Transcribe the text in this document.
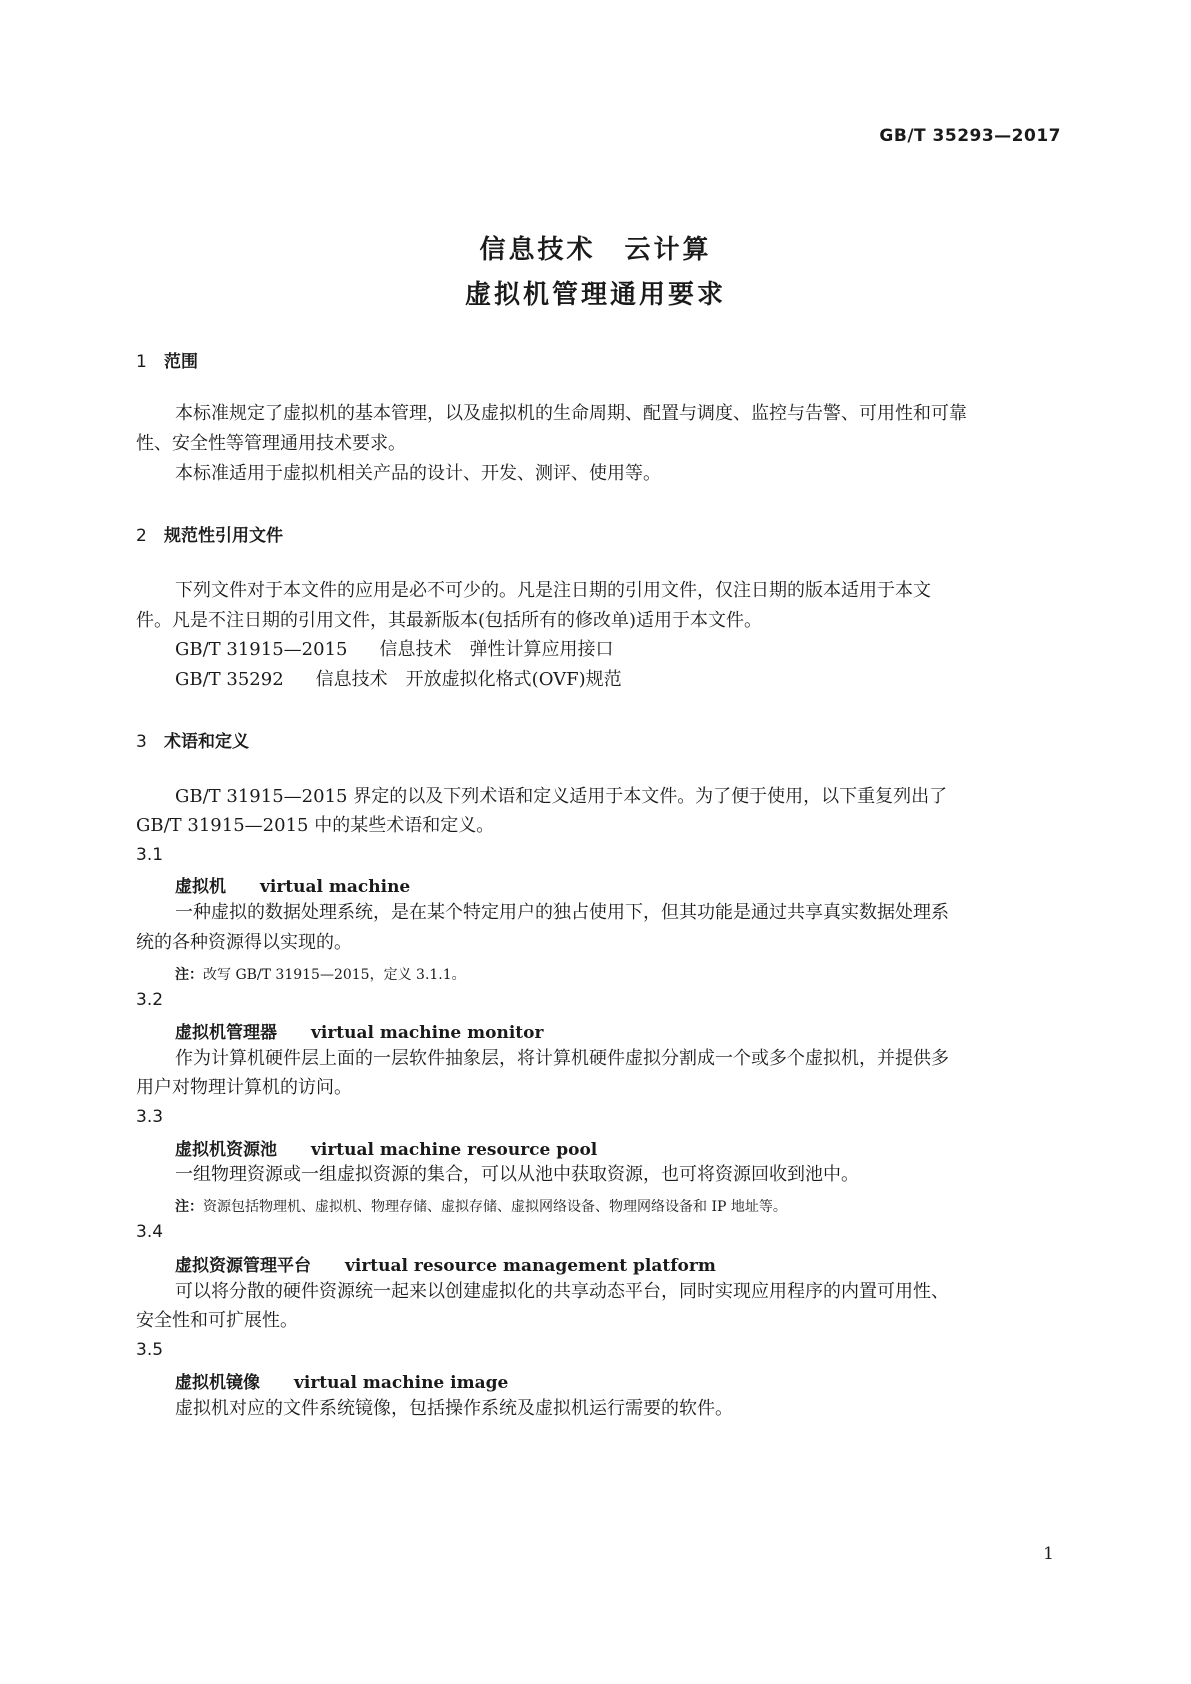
GB/T 35293—2017
信息技术　云计算
虚拟机管理通用要求
1 范围
本标准规定了虚拟机的基本管理，以及虚拟机的生命周期、配置与调度、监控与告警、可用性和可靠
性、安全性等管理通用技术要求。
本标准适用于虚拟机相关产品的设计、开发、测评、使用等。
2 规范性引用文件
下列文件对于本文件的应用是必不可少的。凡是注日期的引用文件，仅注日期的版本适用于本文
件。凡是不注日期的引用文件，其最新版本(包括所有的修改单)适用于本文件。
GB/T 31915—2015 信息技术　弹性计算应用接口
GB/T 35292 信息技术　开放虚拟化格式(OVF)规范
3 术语和定义
GB/T 31915—2015 界定的以及下列术语和定义适用于本文件。为了便于使用，以下重复列出了
GB/T 31915—2015 中的某些术语和定义。
3.1
虚拟机 virtual machine
一种虚拟的数据处理系统，是在某个特定用户的独占使用下，但其功能是通过共享真实数据处理系
统的各种资源得以实现的。
注：改写 GB/T 31915—2015，定义 3.1.1。
3.2
虚拟机管理器 virtual machine monitor
作为计算机硬件层上面的一层软件抽象层，将计算机硬件虚拟分割成一个或多个虚拟机，并提供多
用户对物理计算机的访问。
3.3
虚拟机资源池 virtual machine resource pool
一组物理资源或一组虚拟资源的集合，可以从池中获取资源，也可将资源回收到池中。
注：资源包括物理机、虚拟机、物理存储、虚拟存储、虚拟网络设备、物理网络设备和 IP 地址等。
3.4
虚拟资源管理平台 virtual resource management platform
可以将分散的硬件资源统一起来以创建虚拟化的共享动态平台，同时实现应用程序的内置可用性、
安全性和可扩展性。
3.5
虚拟机镜像 virtual machine image
虚拟机对应的文件系统镜像，包括操作系统及虚拟机运行需要的软件。
1
